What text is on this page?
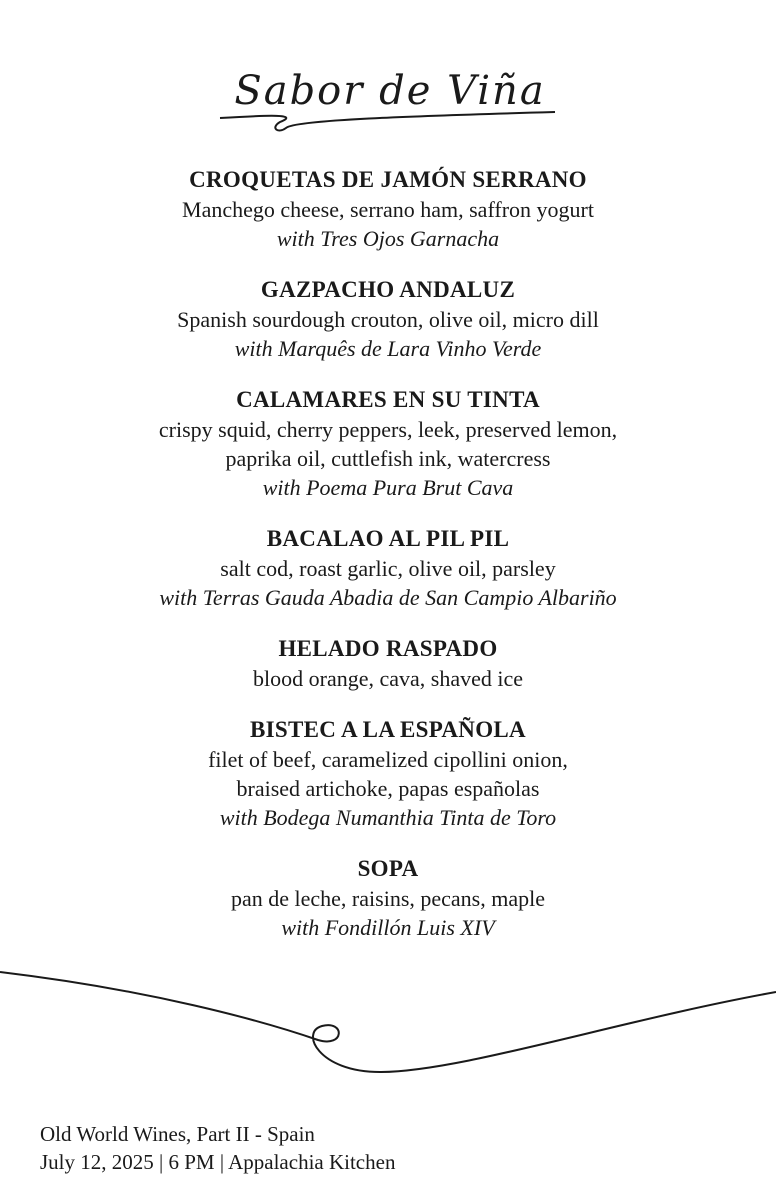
Sabor de Viña
CROQUETAS DE JAMÓN SERRANO
Manchego cheese, serrano ham, saffron yogurt
with Tres Ojos Garnacha
GAZPACHO ANDALUZ
Spanish sourdough crouton, olive oil, micro dill
with Marquês de Lara Vinho Verde
CALAMARES EN SU TINTA
crispy squid, cherry peppers, leek, preserved lemon,
paprika oil, cuttlefish ink, watercress
with Poema Pura Brut Cava
BACALAO AL PIL PIL
salt cod, roast garlic, olive oil, parsley
with Terras Gauda Abadia de San Campio Albariño
HELADO RASPADO
blood orange, cava, shaved ice
BISTEC A LA ESPAÑOLA
filet of beef, caramelized cipollini onion,
braised artichoke, papas españolas
with Bodega Numanthia Tinta de Toro
SOPA
pan de leche, raisins, pecans, maple
with Fondillón Luis XIV
Old World Wines, Part II - Spain
July 12, 2025 | 6 PM | Appalachia Kitchen
